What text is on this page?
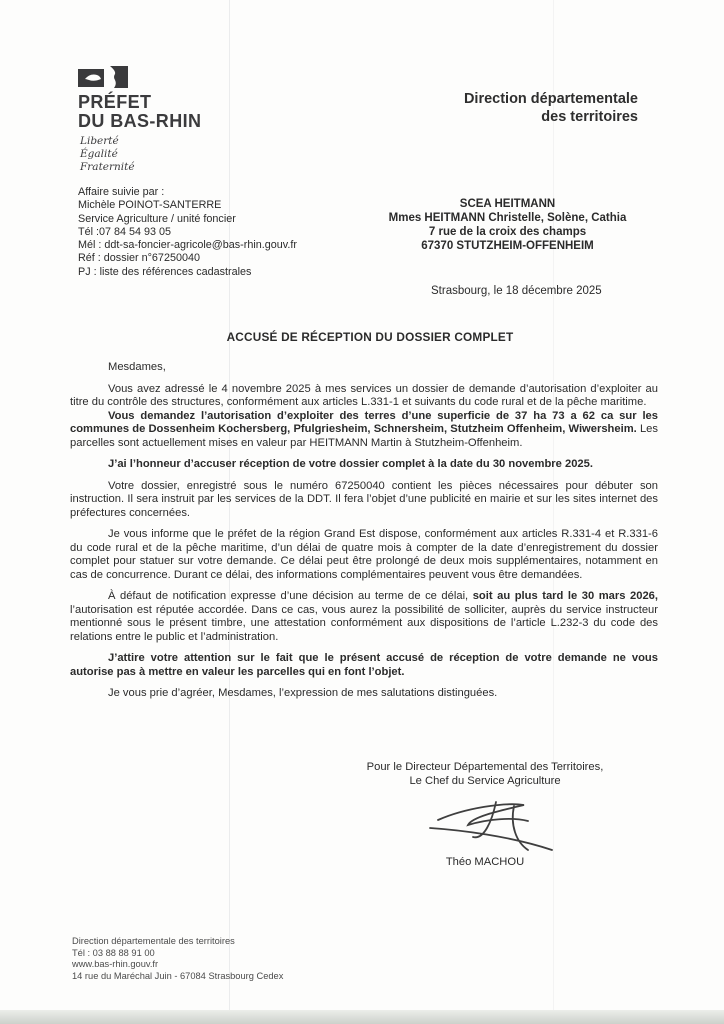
PRÉFET
DU BAS-RHIN
Liberté
Égalité
Fraternité
Direction départementale
des territoires
Affaire suivie par :
Michèle POINOT-SANTERRE
Service Agriculture / unité foncier
Tél :07 84 54 93 05
Mél : ddt-sa-foncier-agricole@bas-rhin.gouv.fr
Réf : dossier n°67250040
PJ : liste des références cadastrales
SCEA HEITMANN
Mmes HEITMANN Christelle, Solène, Cathia
7 rue de la croix des champs
67370 STUTZHEIM-OFFENHEIM
Strasbourg, le 18 décembre 2025
ACCUSÉ DE RÉCEPTION DU DOSSIER COMPLET

Mesdames,

Vous avez adressé le 4 novembre 2025 à mes services un dossier de demande d’autorisation d’exploiter au titre du contrôle des structures, conformément aux articles L.331-1 et suivants du code rural et de la pêche maritime.

Vous demandez l’autorisation d’exploiter des terres d’une superficie de 37 ha 73 a 62 ca sur les communes de Dossenheim Kochersberg, Pfulgriesheim, Schnersheim, Stutzheim Offenheim, Wiwersheim. Les parcelles sont actuellement mises en valeur par HEITMANN Martin à Stutzheim-Offenheim.

J’ai l’honneur d’accuser réception de votre dossier complet à la date du 30 novembre 2025.

Votre dossier, enregistré sous le numéro 67250040 contient les pièces nécessaires pour débuter son instruction. Il sera instruit par les services de la DDT. Il fera l’objet d’une publicité en mairie et sur les sites internet des préfectures concernées.

Je vous informe que le préfet de la région Grand Est dispose, conformément aux articles R.331-4 et R.331-6 du code rural et de la pêche maritime, d’un délai de quatre mois à compter de la date d’enregistrement du dossier complet pour statuer sur votre demande. Ce délai peut être prolongé de deux mois supplémentaires, notamment en cas de concurrence. Durant ce délai, des informations complémentaires peuvent vous être demandées.

À défaut de notification expresse d’une décision au terme de ce délai, soit au plus tard le 30 mars 2026, l’autorisation est réputée accordée. Dans ce cas, vous aurez la possibilité de solliciter, auprès du service instructeur mentionné sous le présent timbre, une attestation conformément aux dispositions de l’article L.232-3 du code des relations entre le public et l’administration.

J’attire votre attention sur le fait que le présent accusé de réception de votre demande ne vous autorise pas à mettre en valeur les parcelles qui en font l’objet.

Je vous prie d’agréer, Mesdames, l’expression de mes salutations distinguées.

Pour le Directeur Départemental des Territoires,
Le Chef du Service Agriculture
Théo MACHOU
Direction départementale des territoires
Tél : 03 88 88 91 00
www.bas-rhin.gouv.fr
14 rue du Maréchal Juin - 67084 Strasbourg Cedex
